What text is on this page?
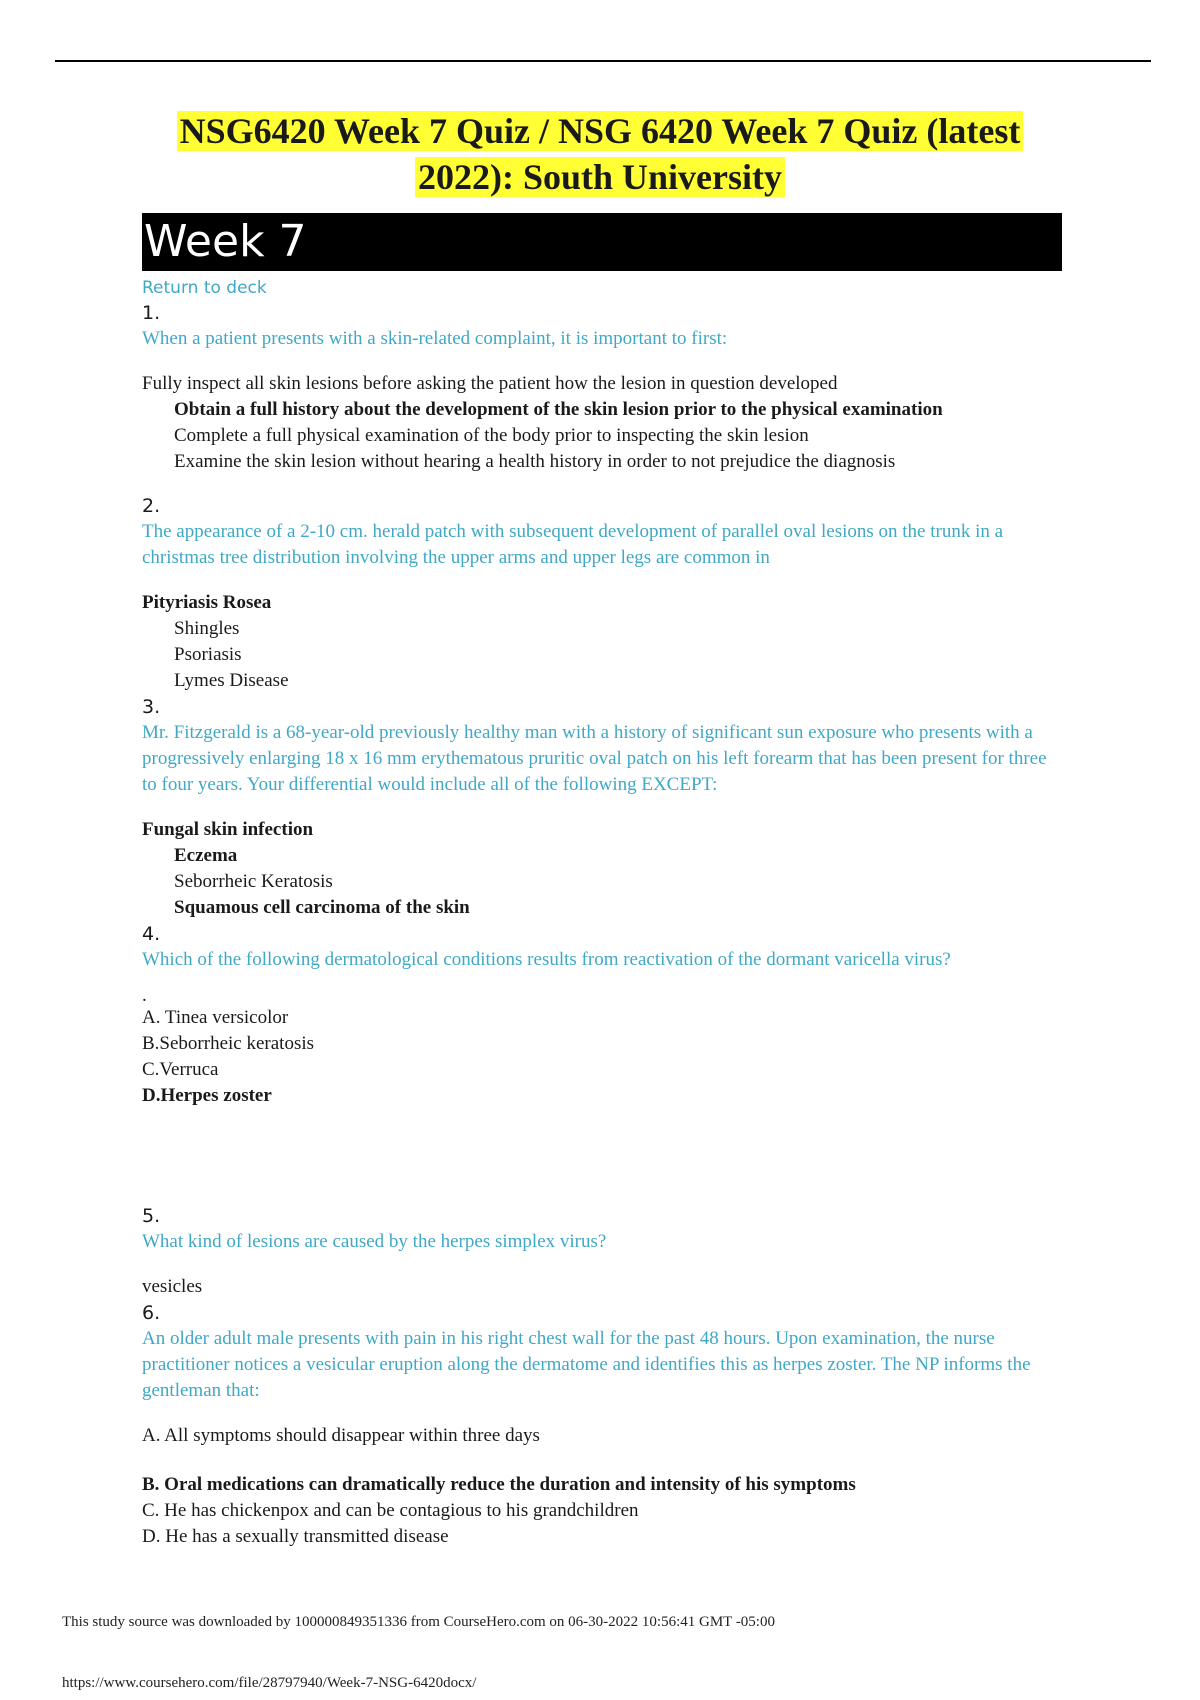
NSG6420 Week 7 Quiz / NSG 6420 Week 7 Quiz (latest

2022): South University

Week 7
Return to deck
1.
When a patient presents with a skin-related complaint, it is important to first:
Fully inspect all skin lesions before asking the patient how the lesion in question developed
Obtain a full history about the development of the skin lesion prior to the physical examination
Complete a full physical examination of the body prior to inspecting the skin lesion
Examine the skin lesion without hearing a health history in order to not prejudice the diagnosis
2.
The appearance of a 2-10 cm. herald patch with subsequent development of parallel oval lesions on the trunk in a christmas tree distribution involving the upper arms and upper legs are common in
Pityriasis Rosea
Shingles
Psoriasis
Lymes Disease
3.
Mr. Fitzgerald is a 68-year-old previously healthy man with a history of significant sun exposure who presents with a progressively enlarging 18 x 16 mm erythematous pruritic oval patch on his left forearm that has been present for three to four years. Your differential would include all of the following EXCEPT:
Fungal skin infection
Eczema
Seborrheic Keratosis
Squamous cell carcinoma of the skin
4.
Which of the following dermatological conditions results from reactivation of the dormant varicella virus?
.
A. Tinea versicolor
B.Seborrheic keratosis
C.Verruca
D.Herpes zoster
5.
What kind of lesions are caused by the herpes simplex virus?
vesicles
6.
An older adult male presents with pain in his right chest wall for the past 48 hours. Upon examination, the nurse practitioner notices a vesicular eruption along the dermatome and identifies this as herpes zoster. The NP informs the gentleman that:
A. All symptoms should disappear within three days
B. Oral medications can dramatically reduce the duration and intensity of his symptoms
C. He has chickenpox and can be contagious to his grandchildren
D. He has a sexually transmitted disease
This study source was downloaded by 100000849351336 from CourseHero.com on 06-30-2022 10:56:41 GMT -05:00
https://www.coursehero.com/file/28797940/Week-7-NSG-6420docx/
